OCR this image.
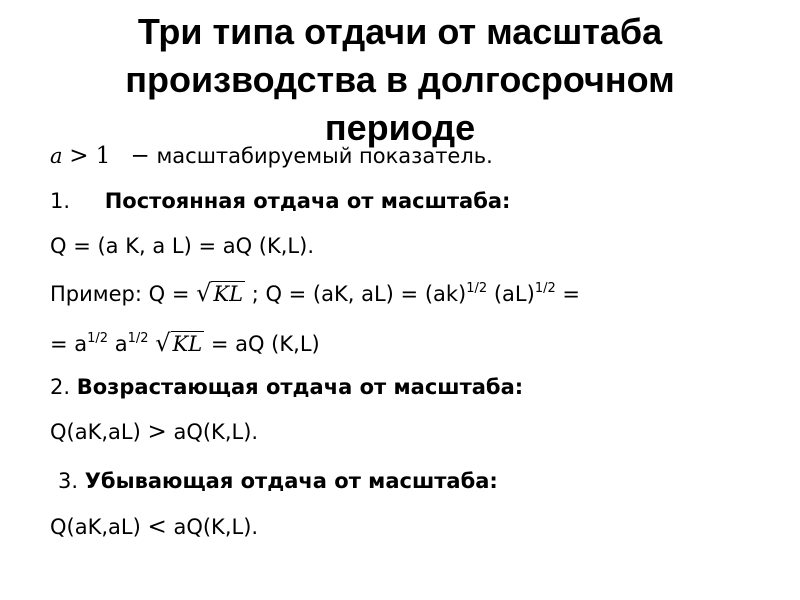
Три типа отдачи от масштаба производства в долгосрочном периоде
a > 1 − масштабируемый показатель.
1. Постоянная отдача от масштаба:
Q = (a K, a L) = aQ (K,L).
Пример: Q = √KL ; Q = (aK, aL) = (ak)$^{1/2}$ (aL)$^{1/2}$ =
= $a^{1/2}$ $a^{1/2}$ √KL = aQ (K,L)
2. Возрастающая отдача от масштаба:
Q(aK,aL) > aQ(K,L).
3. Убывающая отдача от масштаба:
Q(aK,aL) < aQ(K,L).
